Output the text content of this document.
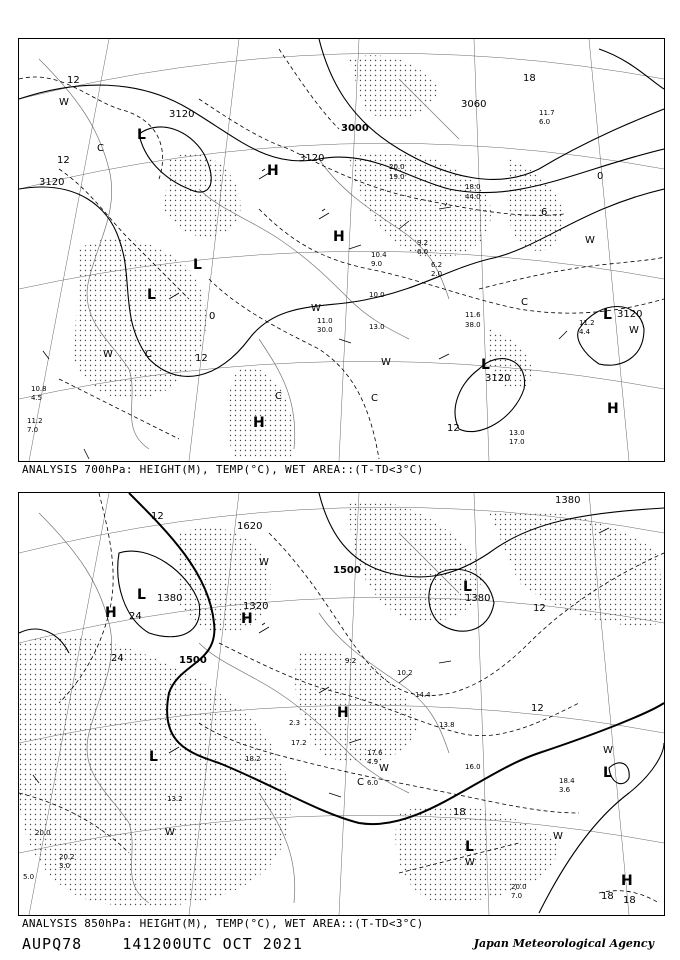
3120
3120
3000
3120
3060
3120
3120
12
12
12
18
0
0
6
12
L
H
H
L
L
L
H
H
L
C
W
W
W
C
C
W
C
W
C
W
11.6
38.0
13.0
17.0
11.0
30.0
10.0
13.0
9.2
6.0
6.2
2.0
10.4
9.0
10.8
4.5
11.2
7.0
20.0
19.0
18.0
44.0
11.2
4.4
11.7
6.0
ANALYSIS 700hPa: HEIGHT(M), TEMP(°C), WET AREA::(T-TD<3°C)
1380
1500
1500
1380
1380
1620
1320
12
24
24
12
18
12
18 18
L
H	H
H
L
L
L
H
L
W
C
W
W
W
W
W
20.0
7.0
18.4
3.6
16.0
17.6
4.9
6.0
13.2
20.0
10.2
14.4
2.3
17.2
18.2
20.2
3.0
5.0
9.2
13.8
ANALYSIS 850hPa: HEIGHT(M), TEMP(°C), WET AREA::(T-TD<3°C)
AUPQ78	141200UTC OCT 2021	Japan Meteorological Agency
